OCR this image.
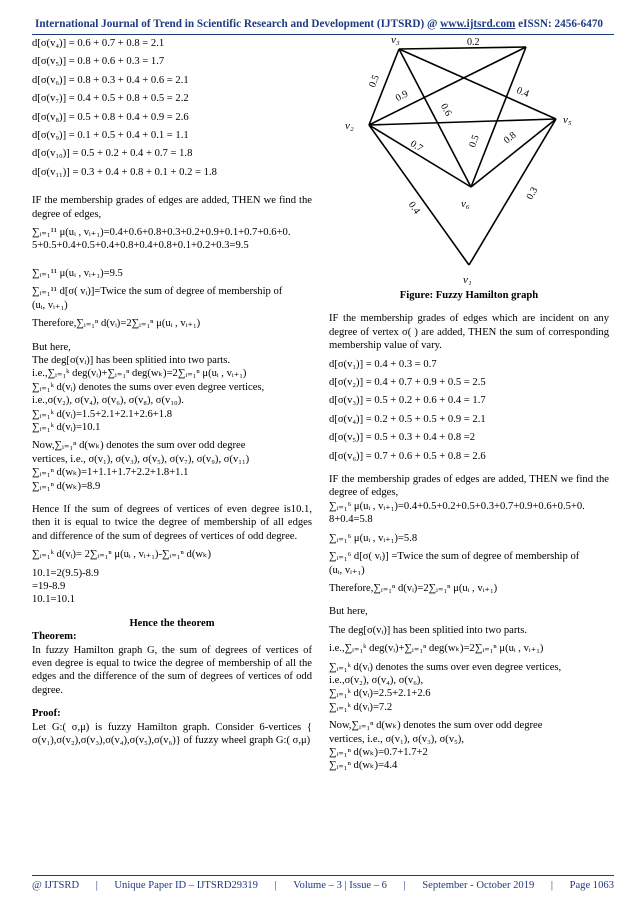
International Journal of Trend in Scientific Research and Development (IJTSRD) @ www.ijtsrd.com eISSN: 2456-6470

d[σ(v₄)] = 0.6 + 0.7 + 0.8 = 2.1

d[σ(v₅)] = 0.8 + 0.6 + 0.3 = 1.7

d[σ(v₆)] = 0.8 + 0.3 + 0.4 + 0.6 = 2.1

d[σ(v₇)] = 0.4 + 0.5 + 0.8 + 0.5 = 2.2

d[σ(v₈)] = 0.5 + 0.8 + 0.4 + 0.9 = 2.6

d[σ(v₉)] = 0.1 + 0.5 + 0.4 + 0.1 = 1.1

d[σ(v₁₀)] = 0.5 + 0.2 + 0.4 + 0.7 = 1.8

d[σ(v₁₁)] = 0.3 + 0.4 + 0.8 + 0.1 + 0.2 = 1.8

IF the membership grades of edges are added, THEN we find the degree of edges,

∑ᵢ₌₁¹¹ μ(uᵢ , vᵢ₊₁)=0.4+0.6+0.8+0.3+0.2+0.9+0.1+0.7+0.6+0.

5+0.5+0.4+0.5+0.4+0.8+0.4+0.8+0.1+0.2+0.3=9.5

∑ᵢ₌₁¹¹ μ(uᵢ , vᵢ₊₁)=9.5

∑ᵢ₌₁¹¹ d[σ( vᵢ)]=Twice the sum of degree of membership of

(uᵢ, vᵢ₊₁)

Therefore,∑ᵢ₌₁ⁿ d(vᵢ)=2∑ᵢ₌₁ⁿ μ(uᵢ , vᵢ₊₁)

But here,

The deg[σ(vᵢ)] has been splitied into two parts.

i.e.,∑ᵢ₌₁ᵏ deg(vᵢ)+∑ᵢ₌₁ⁿ deg(wₖ)=2∑ᵢ₌₁ⁿ μ(uᵢ , vᵢ₊₁)

∑ᵢ₌₁ᵏ d(vᵢ) denotes the sums over even degree vertices,

i.e.,σ(v₂), σ(v₄), σ(v₆), σ(v₈), σ(v₁₀).

∑ᵢ₌₁ᵏ d(vᵢ)=1.5+2.1+2.1+2.6+1.8

∑ᵢ₌₁ᵏ d(vᵢ)=10.1

Now,∑ᵢ₌₁ⁿ d(wₖ) denotes the sum over odd degree

vertices, i.e., σ(v₁), σ(v₃), σ(v₅), σ(v₇), σ(v₉), σ(v₁₁)

∑ᵢ₌₁ⁿ d(wₖ)=1+1.1+1.7+2.2+1.8+1.1

∑ᵢ₌₁ⁿ d(wₖ)=8.9

Hence If the sum of degrees of vertices of even degree is10.1, then it is equal to twice the degree of membership of all edges and difference of the sum of degrees of vertices of odd degree.

∑ᵢ₌₁ᵏ d(vᵢ)= 2∑ᵢ₌₁ⁿ μ(uᵢ , vᵢ₊₁)-∑ᵢ₌₁ⁿ d(wₖ)

10.1=2(9.5)-8.9

=19-8.9

10.1=10.1

Hence the theorem

Theorem:

In fuzzy Hamilton graph G, the sum of degrees of vertices of even degree is equal to twice the degree of membership of all the edges and the difference of the sum of degrees of vertices of odd degree.

Proof:

Let G:( σ,μ) is fuzzy Hamilton graph. Consider 6-vertices { σ(v₁),σ(v₂),σ(v₃),σ(v₄),σ(v₅),σ(v₆)} of fuzzy wheel graph G:( σ,μ)

v₃
v₂	v₅
v₆
v₁
0.2
0.5
0.9
0.6
0.4
0.7	0.5 0.8
0.3
0.4

Figure: Fuzzy Hamilton graph

IF the membership grades of edges which are incident on any degree of vertex σ( ) are added, THEN the sum of corresponding membership value of vary.

d[σ(v₁)] = 0.4 + 0.3 = 0.7

d[σ(v₂)] = 0.4 + 0.7 + 0.9 + 0.5 = 2.5

d[σ(v₃)] = 0.5 + 0.2 + 0.6 + 0.4 = 1.7

d[σ(v₄)] = 0.2 + 0.5 + 0.5 + 0.9 = 2.1

d[σ(v₅)] = 0.5 + 0.3 + 0.4 + 0.8 =2

d[σ(v₆)] = 0.7 + 0.6 + 0.5 + 0.8 = 2.6

IF the membership grades of edges are added, THEN we find the degree of edges,

∑ᵢ₌₁⁶ μ(uᵢ , vᵢ₊₁)=0.4+0.5+0.2+0.5+0.3+0.7+0.9+0.6+0.5+0.

8+0.4=5.8

∑ᵢ₌₁⁶ μ(uᵢ , vᵢ₊₁)=5.8

∑ᵢ₌₁⁶ d[σ( vᵢ)] =Twice the sum of degree of membership of

(uᵢ, vᵢ₊₁)

Therefore,∑ᵢ₌₁ⁿ d(vᵢ)=2∑ᵢ₌₁ⁿ μ(uᵢ , vᵢ₊₁)

But here,

The deg[σ(vᵢ)] has been splitied into two parts.

i.e.,∑ᵢ₌₁ᵏ deg(vᵢ)+∑ᵢ₌₁ⁿ deg(wₖ)=2∑ᵢ₌₁ⁿ μ(uᵢ , vᵢ₊₁)

∑ᵢ₌₁ᵏ d(vᵢ) denotes the sums over even degree vertices,

i.e.,σ(v₂), σ(v₄), σ(v₆),

∑ᵢ₌₁ᵏ d(vᵢ)=2.5+2.1+2.6

∑ᵢ₌₁ᵏ d(vᵢ)=7.2

Now,∑ᵢ₌₁ⁿ d(wₖ) denotes the sum over odd degree

vertices, i.e., σ(v₁), σ(v₃), σ(v₅),

∑ᵢ₌₁ⁿ d(wₖ)=0.7+1.7+2

∑ᵢ₌₁ⁿ d(wₖ)=4.4

@ IJTSRD | Unique Paper ID – IJTSRD29319 | Volume – 3 | Issue – 6 | September - October 2019 | Page 1063
